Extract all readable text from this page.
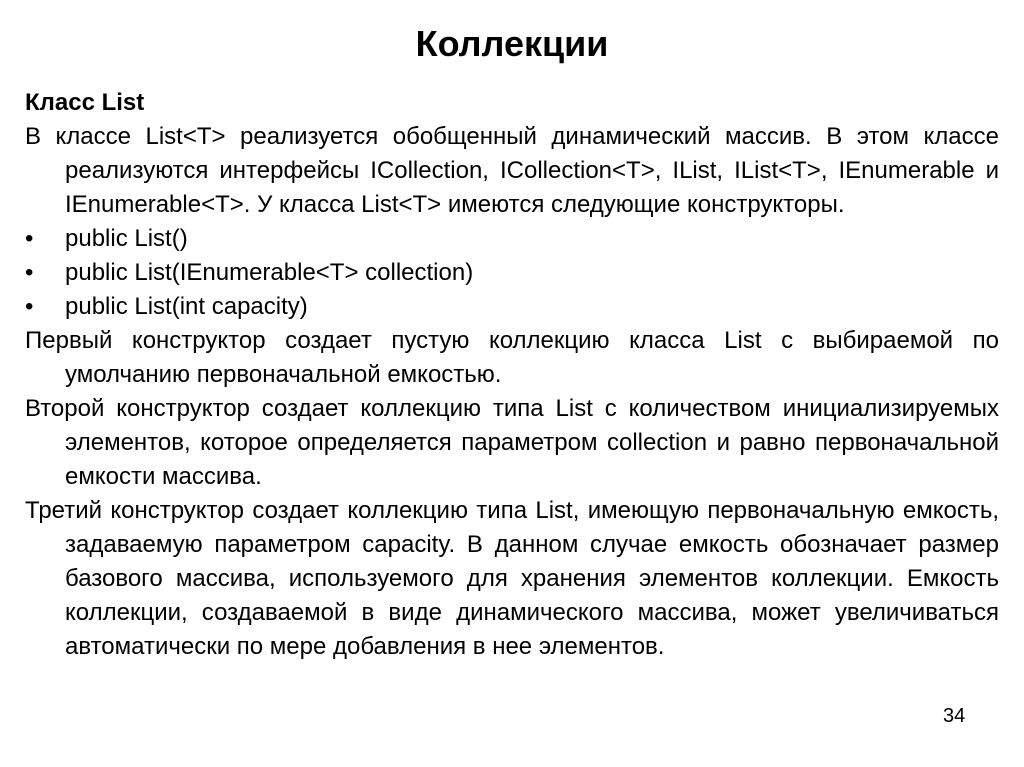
Коллекции

Класс List

В классе List<T> реализуется обобщенный динамический массив. В этом классе реализуются интерфейсы ICollection, ICollection<T>, IList, IList<T>, IEnumerable и IEnumerable<T>. У класса List<T> имеются следующие конструкторы.

• public List()

• public List(IEnumerable<T> collection)

• public List(int capacity)

Первый конструктор создает пустую коллекцию класса List с выбираемой по умолчанию первоначальной емкостью.

Второй конструктор создает коллекцию типа List с количеством инициализируемых элементов, которое определяется параметром collection и равно первоначальной емкости массива.

Третий конструктор создает коллекцию типа List, имеющую первоначальную емкость, задаваемую параметром capacity. В данном случае емкость обозначает размер базового массива, используемого для хранения элементов коллекции. Емкость коллекции, создаваемой в виде динамического массива, может увеличиваться автоматически по мере добавления в нее элементов.

34
